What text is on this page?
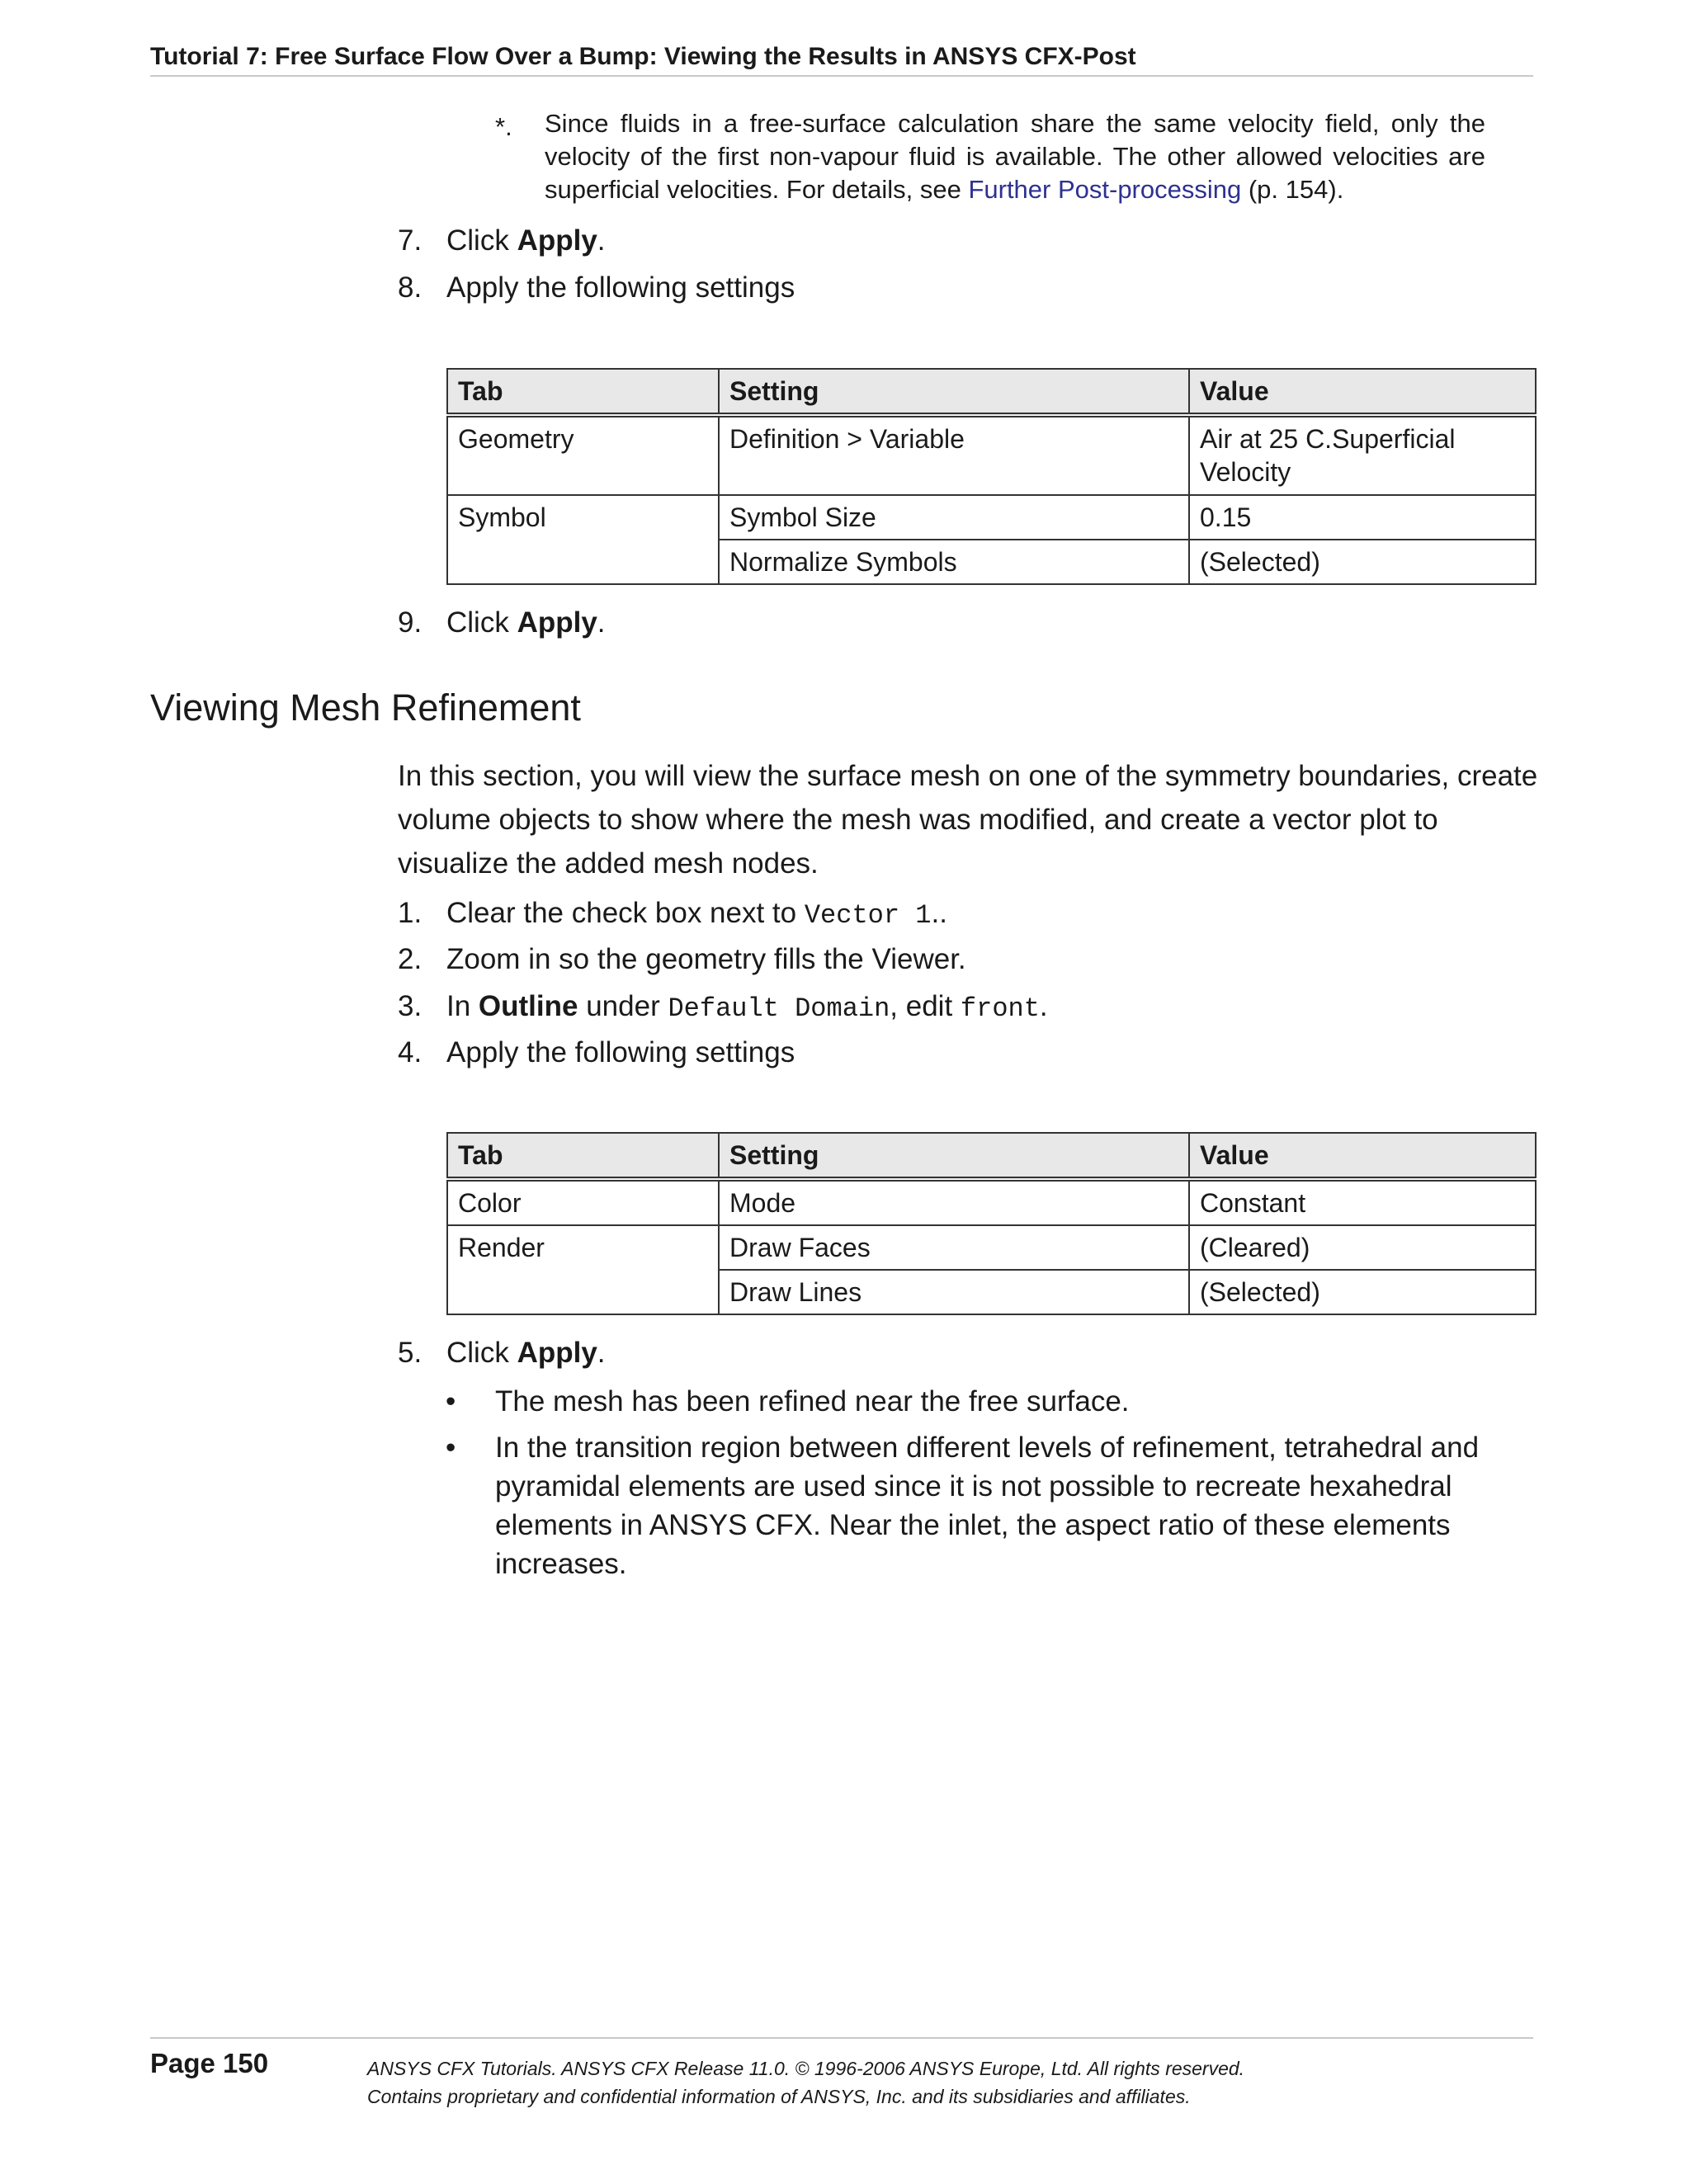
Tutorial 7: Free Surface Flow Over a Bump: Viewing the Results in ANSYS CFX-Post
*. Since fluids in a free-surface calculation share the same velocity field, only the velocity of the first non-vapour fluid is available. The other allowed velocities are superficial velocities. For details, see Further Post-processing (p. 154).
7. Click Apply.
8. Apply the following settings
Tab	Setting	Value
Geometry	Definition > Variable	Air at 25 C.Superficial Velocity
Symbol	Symbol Size	0.15
	Normalize Symbols	(Selected)
9. Click Apply.
Viewing Mesh Refinement
In this section, you will view the surface mesh on one of the symmetry boundaries, create volume objects to show where the mesh was modified, and create a vector plot to visualize the added mesh nodes.
1. Clear the check box next to Vector 1..
2. Zoom in so the geometry fills the Viewer.
3. In Outline under Default Domain, edit front.
4. Apply the following settings
Tab	Setting	Value
Color	Mode	Constant
Render	Draw Faces	(Cleared)
	Draw Lines	(Selected)
5. Click Apply.
• The mesh has been refined near the free surface.
• In the transition region between different levels of refinement, tetrahedral and pyramidal elements are used since it is not possible to recreate hexahedral elements in ANSYS CFX. Near the inlet, the aspect ratio of these elements increases.
Page 150	ANSYS CFX Tutorials. ANSYS CFX Release 11.0. © 1996-2006 ANSYS Europe, Ltd. All rights reserved.
Contains proprietary and confidential information of ANSYS, Inc. and its subsidiaries and affiliates.
